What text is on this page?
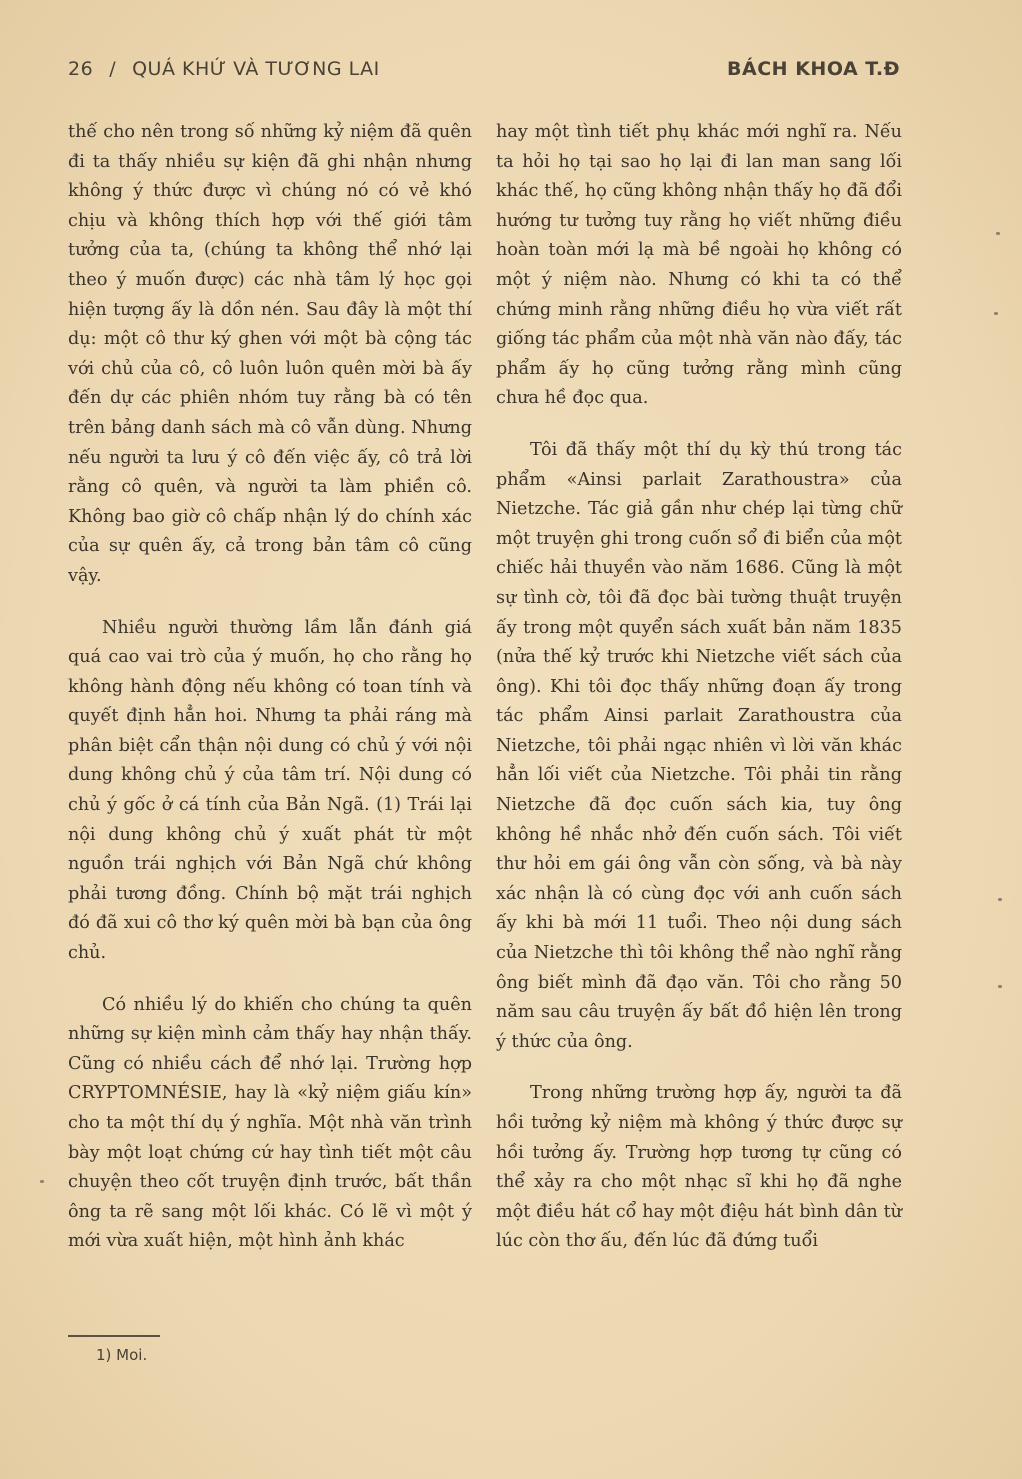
26 / QUÁ KHỨ VÀ TƯƠNG LAI	BÁCH KHOA T.Đ

thế cho nên trong số những kỷ niệm đã quên đi ta thấy nhiều sự kiện đã ghi nhận nhưng không ý thức được vì chúng nó có vẻ khó chịu và không thích hợp với thế giới tâm tưởng của ta, (chúng ta không thể nhớ lại theo ý muốn được) các nhà tâm lý học gọi hiện tượng ấy là dồn nén. Sau đây là một thí dụ: một cô thư ký ghen với một bà cộng tác với chủ của cô, cô luôn luôn quên mời bà ấy đến dự các phiên nhóm tuy rằng bà có tên trên bảng danh sách mà cô vẫn dùng. Nhưng nếu người ta lưu ý cô đến việc ấy, cô trả lời rằng cô quên, và người ta làm phiền cô. Không bao giờ cô chấp nhận lý do chính xác của sự quên ấy, cả trong bản tâm cô cũng vậy.

Nhiều người thường lầm lẫn đánh giá quá cao vai trò của ý muốn, họ cho rằng họ không hành động nếu không có toan tính và quyết định hẳn hoi. Nhưng ta phải ráng mà phân biệt cẩn thận nội dung có chủ ý với nội dung không chủ ý của tâm trí. Nội dung có chủ ý gốc ở cá tính của Bản Ngã. (1) Trái lại nội dung không chủ ý xuất phát từ một nguồn trái nghịch với Bản Ngã chứ không phải tương đồng. Chính bộ mặt trái nghịch đó đã xui cô thơ ký quên mời bà bạn của ông chủ.

Có nhiều lý do khiến cho chúng ta quên những sự kiện mình cảm thấy hay nhận thấy. Cũng có nhiều cách để nhớ lại. Trường hợp CRYPTOMNÉSIE, hay là «kỷ niệm giấu kín» cho ta một thí dụ ý nghĩa. Một nhà văn trình bày một loạt chứng cứ hay tình tiết một câu chuyện theo cốt truyện định trước, bất thần ông ta rẽ sang một lối khác. Có lẽ vì một ý mới vừa xuất hiện, một hình ảnh khác

hay một tình tiết phụ khác mới nghĩ ra. Nếu ta hỏi họ tại sao họ lại đi lan man sang lối khác thế, họ cũng không nhận thấy họ đã đổi hướng tư tưởng tuy rằng họ viết những điều hoàn toàn mới lạ mà bề ngoài họ không có một ý niệm nào. Nhưng có khi ta có thể chứng minh rằng những điều họ vừa viết rất giống tác phẩm của một nhà văn nào đấy, tác phẩm ấy họ cũng tưởng rằng mình cũng chưa hề đọc qua.

Tôi đã thấy một thí dụ kỳ thú trong tác phẩm «Ainsi parlait Zarathoustra» của Nietzche. Tác giả gần như chép lại từng chữ một truyện ghi trong cuốn sổ đi biển của một chiếc hải thuyền vào năm 1686. Cũng là một sự tình cờ, tôi đã đọc bài tường thuật truyện ấy trong một quyển sách xuất bản năm 1835 (nửa thế kỷ trước khi Nietzche viết sách của ông). Khi tôi đọc thấy những đoạn ấy trong tác phẩm Ainsi parlait Zarathoustra của Nietzche, tôi phải ngạc nhiên vì lời văn khác hẳn lối viết của Nietzche. Tôi phải tin rằng Nietzche đã đọc cuốn sách kia, tuy ông không hề nhắc nhở đến cuốn sách. Tôi viết thư hỏi em gái ông vẫn còn sống, và bà này xác nhận là có cùng đọc với anh cuốn sách ấy khi bà mới 11 tuổi. Theo nội dung sách của Nietzche thì tôi không thể nào nghĩ rằng ông biết mình đã đạo văn. Tôi cho rằng 50 năm sau câu truyện ấy bất đồ hiện lên trong ý thức của ông.

Trong những trường hợp ấy, người ta đã hồi tưởng kỷ niệm mà không ý thức được sự hồi tưởng ấy. Trường hợp tương tự cũng có thể xảy ra cho một nhạc sĩ khi họ đã nghe một điều hát cổ hay một điệu hát bình dân từ lúc còn thơ ấu, đến lúc đã đứng tuổi

1) Moi.
